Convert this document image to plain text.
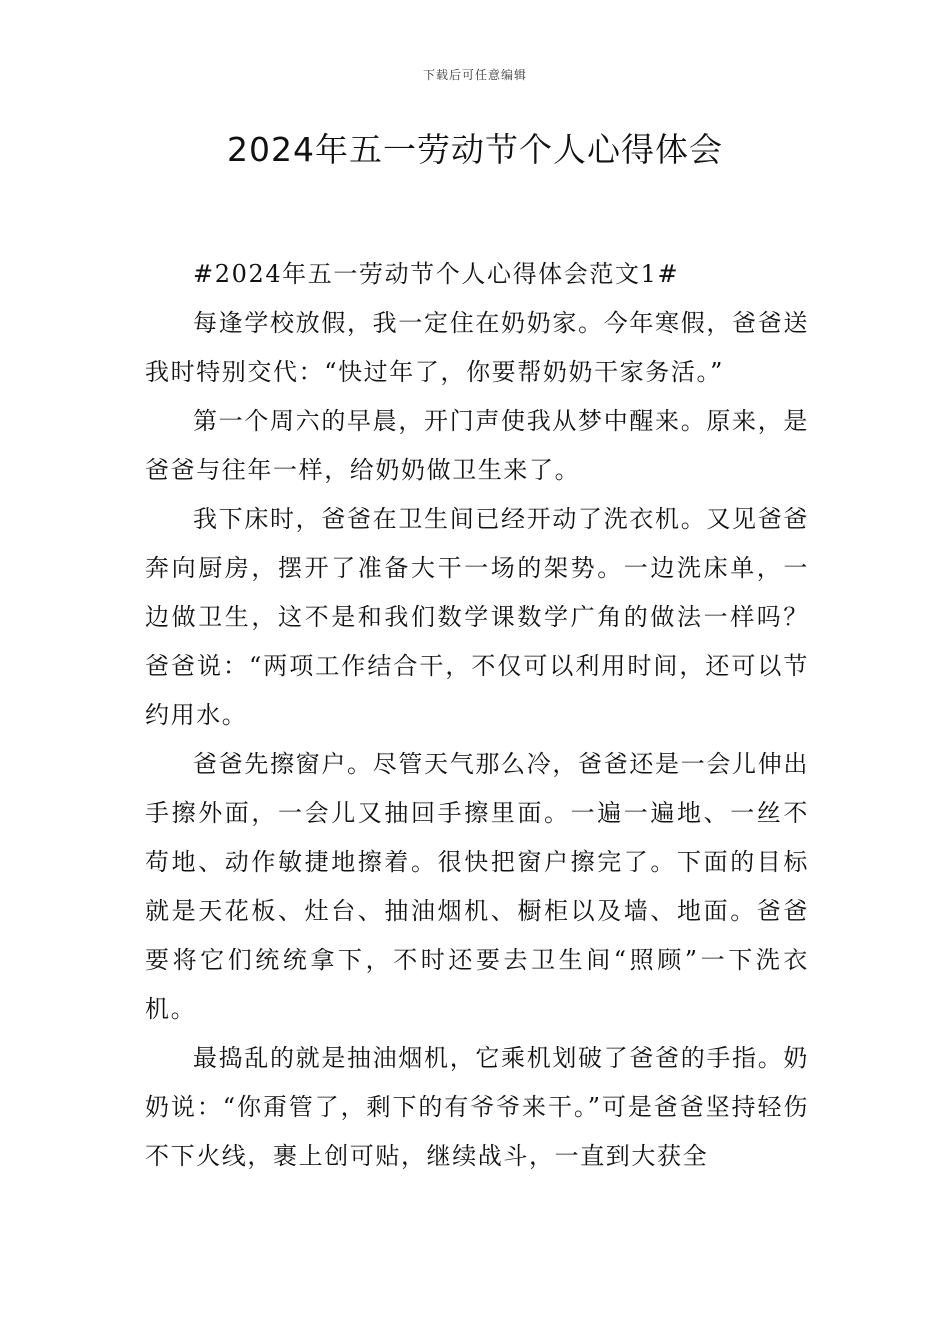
下载后可任意编辑
2024年五一劳动节个人心得体会

#2024年五一劳动节个人心得体会范文1#

每逢学校放假，我一定住在奶奶家。今年寒假，爸爸送我时特别交代：“快过年了，你要帮奶奶干家务活。”

第一个周六的早晨，开门声使我从梦中醒来。原来，是爸爸与往年一样，给奶奶做卫生来了。

我下床时，爸爸在卫生间已经开动了洗衣机。又见爸爸奔向厨房，摆开了准备大干一场的架势。一边洗床单，一边做卫生，这不是和我们数学课数学广角的做法一样吗？爸爸说：“两项工作结合干，不仅可以利用时间，还可以节约用水。

爸爸先擦窗户。尽管天气那么冷，爸爸还是一会儿伸出手擦外面，一会儿又抽回手擦里面。一遍一遍地、一丝不苟地、动作敏捷地擦着。很快把窗户擦完了。下面的目标就是天花板、灶台、抽油烟机、橱柜以及墙、地面。爸爸要将它们统统拿下，不时还要去卫生间“照顾”一下洗衣机。

最捣乱的就是抽油烟机，它乘机划破了爸爸的手指。奶奶说：“你甭管了，剩下的有爷爷来干。”可是爸爸坚持轻伤不下火线，裹上创可贴，继续战斗，一直到大获全
